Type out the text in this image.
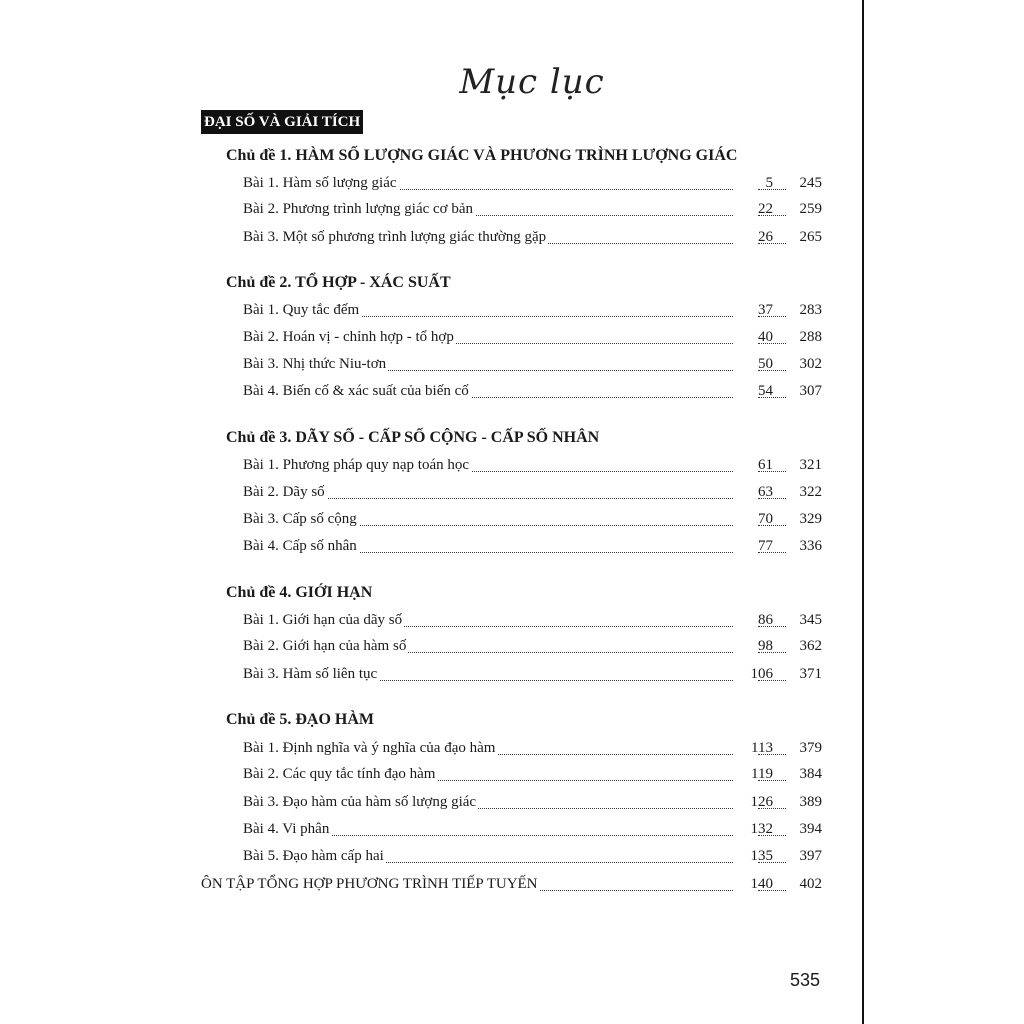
Mục lục
ĐẠI SỐ VÀ GIẢI TÍCH
Chủ đề 1. HÀM SỐ LƯỢNG GIÁC VÀ PHƯƠNG TRÌNH LƯỢNG GIÁC
Bài 1. Hàm số lượng giác	5	245
Bài 2. Phương trình lượng giác cơ bản	22	259
Bài 3. Một số phương trình lượng giác thường gặp	26	265
Chủ đề 2. TỔ HỢP - XÁC SUẤT
Bài 1. Quy tắc đếm	37	283
Bài 2. Hoán vị - chỉnh hợp - tổ hợp	40	288
Bài 3. Nhị thức Niu-tơn	50	302
Bài 4. Biến cố & xác suất của biến cố	54	307
Chủ đề 3. DÃY SỐ - CẤP SỐ CỘNG - CẤP SỐ NHÂN
Bài 1. Phương pháp quy nạp toán học	61	321
Bài 2. Dãy số	63	322
Bài 3. Cấp số cộng	70	329
Bài 4. Cấp số nhân	77	336
Chủ đề 4. GIỚI HẠN
Bài 1. Giới hạn của dãy số	86	345
Bài 2. Giới hạn của hàm số	98	362
Bài 3. Hàm số liên tục	106	371
Chủ đề 5. ĐẠO HÀM
Bài 1. Định nghĩa và ý nghĩa của đạo hàm	113	379
Bài 2. Các quy tắc tính đạo hàm	119	384
Bài 3. Đạo hàm của hàm số lượng giác	126	389
Bài 4. Vi phân	132	394
Bài 5. Đạo hàm cấp hai	135	397
ÔN TẬP TỔNG HỢP PHƯƠNG TRÌNH TIẾP TUYẾN	140	402
535
